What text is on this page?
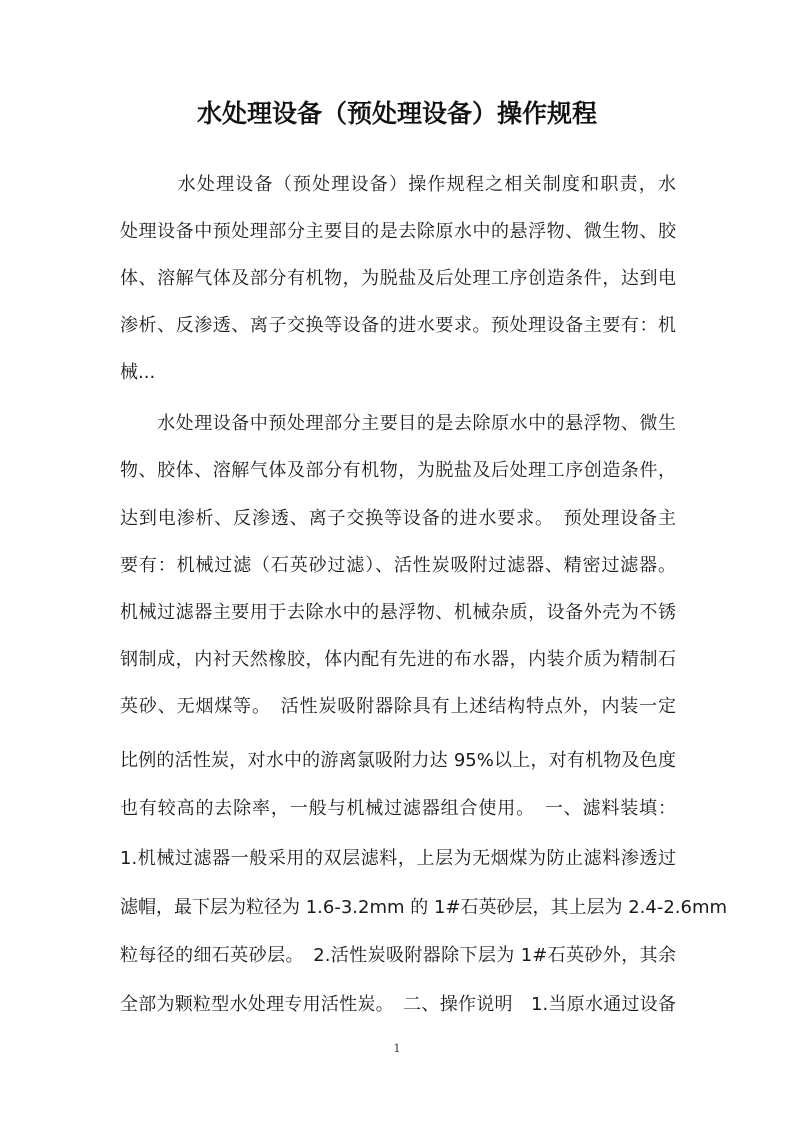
水处理设备（预处理设备）操作规程

　　　水处理设备（预处理设备）操作规程之相关制度和职责，水

处理设备中预处理部分主要目的是去除原水中的悬浮物、微生物、胶

体、溶解气体及部分有机物，为脱盐及后处理工序创造条件，达到电

渗析、反渗透、离子交换等设备的进水要求。预处理设备主要有：机

械...

　　水处理设备中预处理部分主要目的是去除原水中的悬浮物、微生

物、胶体、溶解气体及部分有机物，为脱盐及后处理工序创造条件，

达到电渗析、反渗透、离子交换等设备的进水要求。　预处理设备主

要有：机械过滤（石英砂过滤）、活性炭吸附过滤器、精密过滤器。

机械过滤器主要用于去除水中的悬浮物、机械杂质，设备外壳为不锈

钢制成，内衬天然橡胶，体内配有先进的布水器，内装介质为精制石

英砂、无烟煤等。　活性炭吸附器除具有上述结构特点外，内装一定

比例的活性炭，对水中的游离氯吸附力达 95%以上，对有机物及色度

也有较高的去除率，一般与机械过滤器组合使用。　一、滤料装填：

1.机械过滤器一般采用的双层滤料，上层为无烟煤为防止滤料渗透过

滤帽，最下层为粒径为 1.6-3.2mm 的 1#石英砂层，其上层为 2.4-2.6mm

粒每径的细石英砂层。　2.活性炭吸附器除下层为 1#石英砂外，其余

全部为颗粒型水处理专用活性炭。　二、操作说明　1.当原水通过设备

1
